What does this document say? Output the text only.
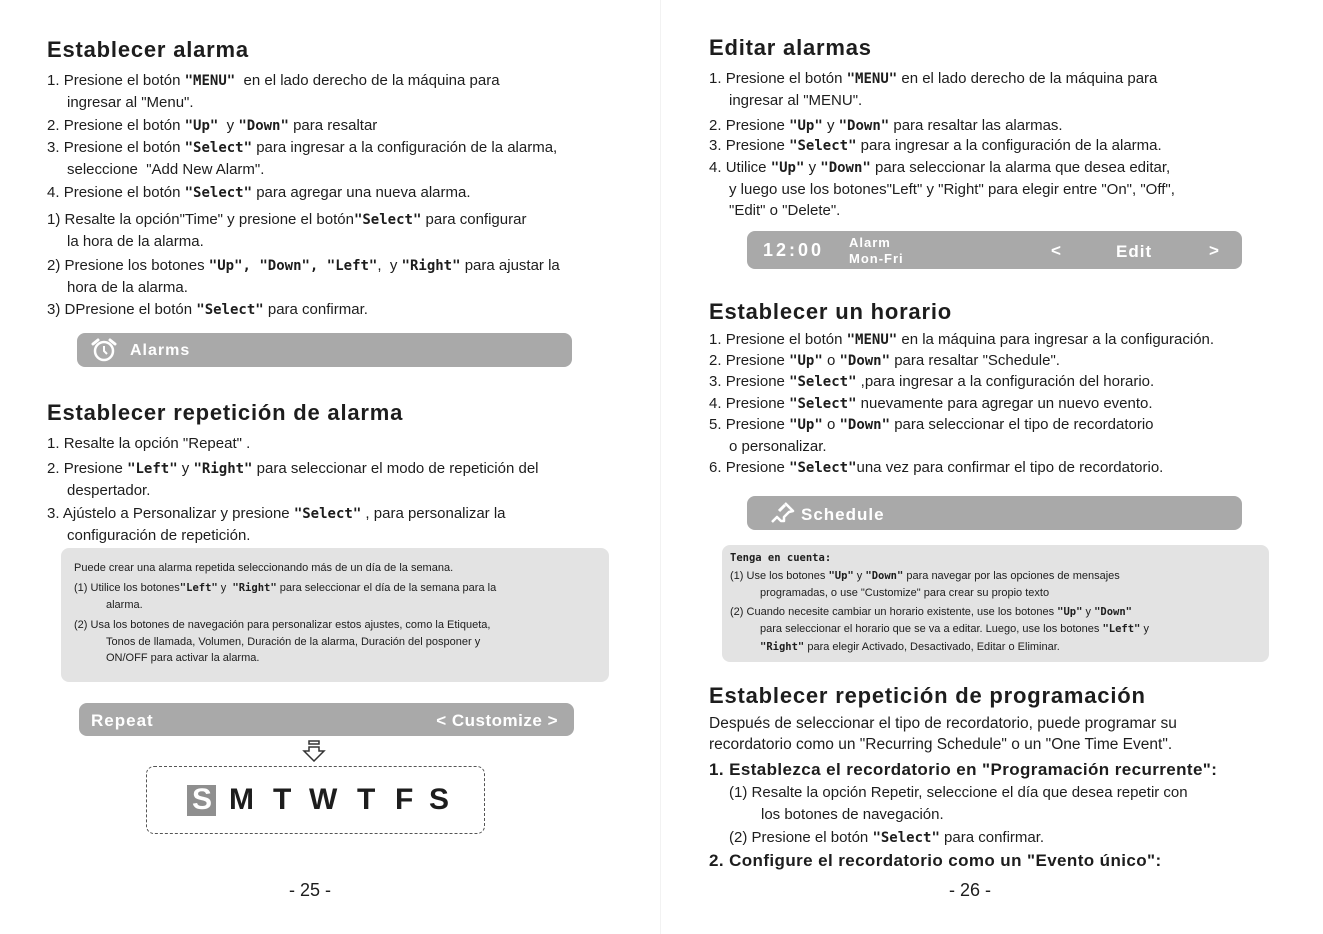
Establecer alarma
1. Presione el botón "MENU"  en el lado derecho de la máquina para
ingresar al "Menu".
2. Presione el botón "Up"  y "Down" para resaltar
3. Presione el botón "Select" para ingresar a la configuración de la alarma,
seleccione  "Add New Alarm".
4. Presione el botón "Select" para agregar una nueva alarma.
1) Resalte la opción"Time" y presione el botón"Select" para configurar
la hora de la alarma.
2) Presione los botones "Up", "Down", "Left",  y "Right" para ajustar la
hora de la alarma.
3) DPresione el botón "Select" para confirmar.
Alarms
Establecer repetición de alarma
1. Resalte la opción "Repeat" .
2. Presione "Left" y "Right" para seleccionar el modo de repetición del
despertador.
3. Ajústelo a Personalizar y presione "Select" , para personalizar la
configuración de repetición.
Puede crear una alarma repetida seleccionando más de un día de la semana.
(1) Utilice los botones"Left" y  "Right" para seleccionar el día de la semana para la
alarma.
(2) Usa los botones de navegación para personalizar estos ajustes, como la Etiqueta,
Tonos de llamada, Volumen, Duración de la alarma, Duración del posponer y
ON/OFF para activar la alarma.
Repeat	< Customize >
S M T W T F S
- 25 -
Editar alarmas
1. Presione el botón "MENU" en el lado derecho de la máquina para
ingresar al "MENU".
2. Presione "Up" y "Down" para resaltar las alarmas.
3. Presione "Select" para ingresar a la configuración de la alarma.
4. Utilice "Up" y "Down" para seleccionar la alarma que desea editar,
y luego use los botones"Left" y "Right" para elegir entre "On", "Off",
"Edit" o "Delete".
12:00 Alarm
Mon-Fri	<	Edit	>
Establecer un horario
1. Presione el botón "MENU" en la máquina para ingresar a la configuración.
2. Presione "Up" o "Down" para resaltar "Schedule".
3. Presione "Select" ,para ingresar a la configuración del horario.
4. Presione "Select" nuevamente para agregar un nuevo evento.
5. Presione "Up" o "Down" para seleccionar el tipo de recordatorio
o personalizar.
6. Presione "Select"una vez para confirmar el tipo de recordatorio.
Schedule
Tenga en cuenta:
(1) Use los botones "Up" y "Down" para navegar por las opciones de mensajes
programadas, o use "Customize" para crear su propio texto
(2) Cuando necesite cambiar un horario existente, use los botones "Up" y "Down"
para seleccionar el horario que se va a editar. Luego, use los botones "Left" y
"Right" para elegir Activado, Desactivado, Editar o Eliminar.
Establecer repetición de programación
Después de seleccionar el tipo de recordatorio, puede programar su
recordatorio como un "Recurring Schedule" o un "One Time Event".
1. Establezca el recordatorio en "Programación recurrente":
(1) Resalte la opción Repetir, seleccione el día que desea repetir con
los botones de navegación.
(2) Presione el botón "Select" para confirmar.
2. Configure el recordatorio como un "Evento único":
- 26 -
